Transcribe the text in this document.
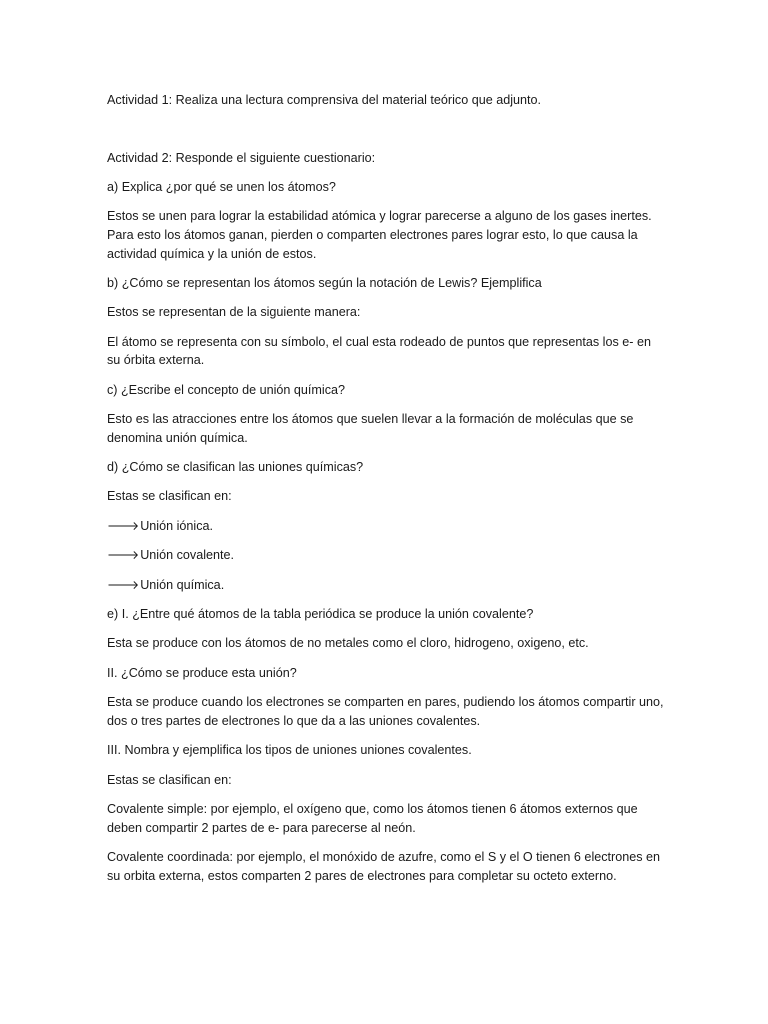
Actividad 1: Realiza una lectura comprensiva del material teórico que adjunto.

Actividad 2: Responde el siguiente cuestionario:

a) Explica ¿por qué se unen los átomos?

Estos se unen para lograr la estabilidad atómica y lograr parecerse a alguno de los gases inertes. Para esto los átomos ganan, pierden o comparten electrones pares lograr esto, lo que causa la actividad química y la unión de estos.

b) ¿Cómo se representan los átomos según la notación de Lewis? Ejemplifica

Estos se representan de la siguiente manera:

El átomo se representa con su símbolo, el cual esta rodeado de puntos que representas los e- en su órbita externa.

c) ¿Escribe el concepto de unión química?

Esto es las atracciones entre los átomos que suelen llevar a la formación de moléculas que se denomina unión química.

d) ¿Cómo se clasifican las uniones químicas?

Estas se clasifican en:

🡒Unión iónica.

🡒Unión covalente.

🡒Unión química.

e) I. ¿Entre qué átomos de la tabla periódica se produce la unión covalente?

Esta se produce con los átomos de no metales como el cloro, hidrogeno, oxigeno, etc.

II. ¿Cómo se produce esta unión?

Esta se produce cuando los electrones se comparten en pares, pudiendo los átomos compartir uno, dos o tres partes de electrones lo que da a las uniones covalentes.

III. Nombra y ejemplifica los tipos de uniones uniones covalentes.

Estas se clasifican en:

Covalente simple: por ejemplo, el oxígeno que, como los átomos tienen 6 átomos externos que deben compartir 2 partes de e- para parecerse al neón.

Covalente coordinada: por ejemplo, el monóxido de azufre, como el S y el O tienen 6 electrones en su orbita externa, estos comparten 2 pares de electrones para completar su octeto externo.
